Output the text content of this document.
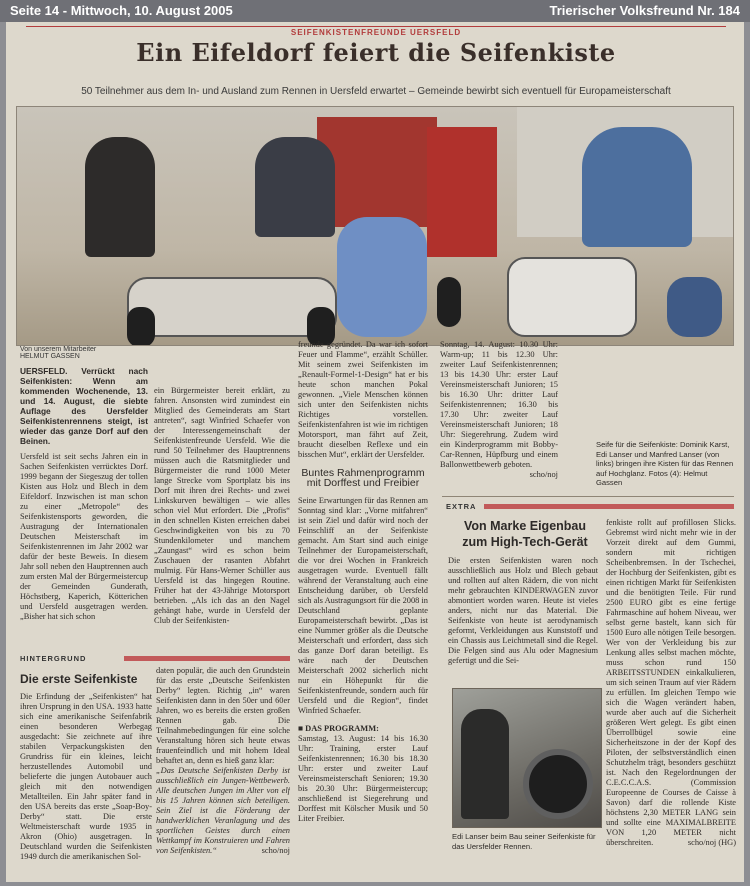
Seite 14 - Mittwoch, 10. August 2005	Trierischer Volksfreund Nr. 184
SEIFENKISTENFREUNDE UERSFELD
Ein Eifeldorf feiert die Seifenkiste
50 Teilnehmer aus dem In- und Ausland zum Rennen in Uersfeld erwartet – Gemeinde bewirbt sich eventuell für Europameisterschaft
Von unserem Mitarbeiter
HELMUT GASSEN
UERSFELD. Verrückt nach Seifenkisten: Wenn am kommenden Wochenende, 13. und 14. August, die siebte Auflage des Uersfelder Seifenkistenrennens steigt, ist wieder das ganze Dorf auf den Beinen.
Uersfeld ist seit sechs Jahren ein in Sachen Seifenkisten verrücktes Dorf. 1999 begann der Siegeszug der tollen Kisten aus Holz und Blech in dem Eifeldorf. Inzwischen ist man schon zu einer „Metropole“ des Seifenkistensports geworden, die Austragung der Internationalen Deutschen Meisterschaft im Seifenkistenrennen im Jahr 2002 war dafür der beste Beweis. In diesem Jahr soll neben den Hauptrennen auch zum ersten Mal der Bürgermeistercup der Gemeinden Gunderath, Höchstberg, Kaperich, Kötterichen und Uersfeld ausgetragen werden. „Bisher hat sich schon
ein Bürgermeister bereit erklärt, zu fahren. Ansonsten wird zumindest ein Mitglied des Gemeinderats am Start antreten“, sagt Winfried Schaefer von der Interessengemeinschaft der Seifenkistenfreunde Uersfeld. Wie die rund 50 Teilnehmer des Hauptrennens müssen auch die Ratsmitglieder und Bürgermeister die rund 1000 Meter lange Strecke vom Sportplatz bis ins Dorf mit ihren drei Rechts- und zwei Linkskurven bewältigen – wie alles schon viel Mut erfordert. Die „Profis“ in den schnellen Kisten erreichen dabei Geschwindigkeiten von bis zu 70 Stundenkilometer und manchem „Zaungast“ wird es schon beim Zuschauen der rasanten Abfahrt mulmig. Für Hans-Werner Schüller aus Uersfeld ist das hingegen Routine. Früher hat der 43-Jährige Motorsport betrieben. „Als ich das an den Nagel gehängt habe, wurde in Uersfeld der Club der Seifenkisten-
freunde gegründet. Da war ich sofort Feuer und Flamme“, erzählt Schüller. Mit seinem zwei Seifenkisten im „Renault-Formel-1-Design“ hat er bis heute schon manchen Pokal gewonnen. „Viele Menschen können sich unter den Seifenkisten nichts Richtiges vorstellen. Seifenkistenfahren ist wie im richtigen Motorsport, man fährt auf Zeit, braucht dieselben Reflexe und ein bisschen Mut“, erklärt der Uersfelder.
Buntes Rahmenprogramm mit Dorffest und Freibier
Seine Erwartungen für das Rennen am Sonntag sind klar: „Vorne mitfahren“ ist sein Ziel und dafür wird noch der Feinschliff an der Seifenkiste gemacht. Am Start sind auch einige Teilnehmer der Europameisterschaft, die vor drei Wochen in Frankreich ausgetragen wurde. Eventuell fällt während der Veranstaltung auch eine Entscheidung darüber, ob Uersfeld sich als Austragungsort für die 2008 in Deutschland geplante Europameisterschaft bewirbt. „Das ist eine Nummer größer als die Deutsche Meisterschaft und erfordert, dass sich das ganze Dorf daran beteiligt. Es wäre nach der Deutschen Meisterschaft 2002 sicherlich nicht nur ein Höhepunkt für die Seifenkistenfreunde, sondern auch für Uersfeld und die Region“, findet Winfried Schaefer.
■ DAS PROGRAMM:
Samstag, 13. August: 14 bis 16.30 Uhr: Training, erster Lauf Seifenkistenrennen; 16.30 bis 18.30 Uhr: erster und zweiter Lauf Vereinsmeisterschaft Senioren; 19.30 bis 20.30 Uhr: Bürgermeistercup; anschließend ist Siegerehrung und Dorffest mit Kölscher Musik und 50 Liter Freibier.
Sonntag, 14. August: 10.30 Uhr: Warm-up; 11 bis 12.30 Uhr: zweiter Lauf Seifenkistenrennen; 13 bis 14.30 Uhr: erster Lauf Vereinsmeisterschaft Junioren; 15 bis 16.30 Uhr: dritter Lauf Seifenkistenrennen; 16.30 bis 17.30 Uhr: zweiter Lauf Vereinsmeisterschaft Junioren; 18 Uhr: Siegerehrung. Zudem wird ein Kinderprogramm mit Bobby-Car-Rennen, Hüpfburg und einem Ballonwettbewerb geboten.
scho/noj
Seife für die Seifenkiste: Dominik Karst, Edi Lanser und Manfred Lanser (von links) bringen ihre Kisten für das Rennen auf Hochglanz. Fotos (4): Helmut Gassen
EXTRA
Von Marke Eigenbau zum High-Tech-Gerät
Die ersten Seifenkisten waren noch ausschließlich aus Holz und Blech gebaut und rollten auf alten Rädern, die von nicht mehr gebrauchten KINDERWAGEN zuvor abmontiert worden waren. Heute ist vieles anders, nicht nur das Material. Die Seifenkiste von heute ist aerodynamisch geformt, Verkleidungen aus Kunststoff und ein Chassis aus Leichtmetall sind die Regel. Die Felgen sind aus Alu oder Magnesium gefertigt und die Sei-
fenkiste rollt auf profillosen Slicks. Gebremst wird nicht mehr wie in der Vorzeit direkt auf dem Gummi, sondern mit richtigen Scheibenbremsen. In der Tschechei, der Hochburg der Seifenkisten, gibt es einen richtigen Markt für Seifenkisten und die benötigten Teile. Für rund 2500 EURO gibt es eine fertige Fahrmaschine auf hohem Niveau, wer selbst gerne bastelt, kann sich für 1500 Euro alle nötigen Teile besorgen. Wer von der Verkleidung bis zur Lenkung alles selbst machen möchte, muss schon rund 150 ARBEITSSTUNDEN einkalkulieren, um sich seinen Traum auf vier Rädern zu erfüllen. Im gleichen Tempo wie sich die Wagen verändert haben, wurde aber auch auf die Sicherheit größeren Wert gelegt. Es gibt einen Überrollbügel sowie eine Sicherheitszone in der der Kopf des Piloten, der selbstverständlich einen Schutzhelm trägt, besonders geschützt ist. Nach den Regelordnungen der C.E.C.C.A.S. (Commission Europeenne de Courses de Caisse à Savon) darf die rollende Kiste höchstens 2,30 METER LANG sein und sollte eine MAXIMALBREITE VON 1,20 METER nicht überschreiten.	scho/noj (HG)
Edi Lanser beim Bau seiner Seifenkiste für das Uersfelder Rennen.
HINTERGRUND
Die erste Seifenkiste
Die Erfindung der „Seifenkisten“ hat ihren Ursprung in den USA. 1933 hatte sich eine amerikanische Seifenfabrik einen besonderen Werbegag ausgedacht: Sie zeichnete auf ihre stabilen Verpackungskisten den Grundriss für ein kleines, leicht herzustellendes Automobil und belieferte die jungen Autobauer auch gleich mit den notwendigen Metallteilen. Ein Jahr später fand in den USA bereits das erste „Soap-Boy-Derby“ statt. Die erste Weltmeisterschaft wurde 1935 in Akron (Ohio) ausgetragen. In Deutschland wurden die Seifenkisten 1949 durch die amerikanischen Sol-
daten populär, die auch den Grundstein für das erste „Deutsche Seifenkisten Derby“ legten. Richtig „in“ waren Seifenkisten dann in den 50er und 60er Jahren, wo es bereits die ersten großen Rennen gab. Die Teilnahmebedingungen für eine solche Veranstaltung hören sich heute etwas frauenfeindlich und mit hohem Ideal behaftet an, denn es hieß ganz klar:
„Das Deutsche Seifenkisten Derby ist ausschließlich ein Jungen-Wettbewerb. Alle deutschen Jungen im Alter von elf bis 15 Jahren können sich beteiligen. Sein Ziel ist die Förderung der handwerklichen Veranlagung und des sportlichen Geistes durch einen Wettkampf im Konstruieren und Fahren von Seifenkisten.“	scho/noj
